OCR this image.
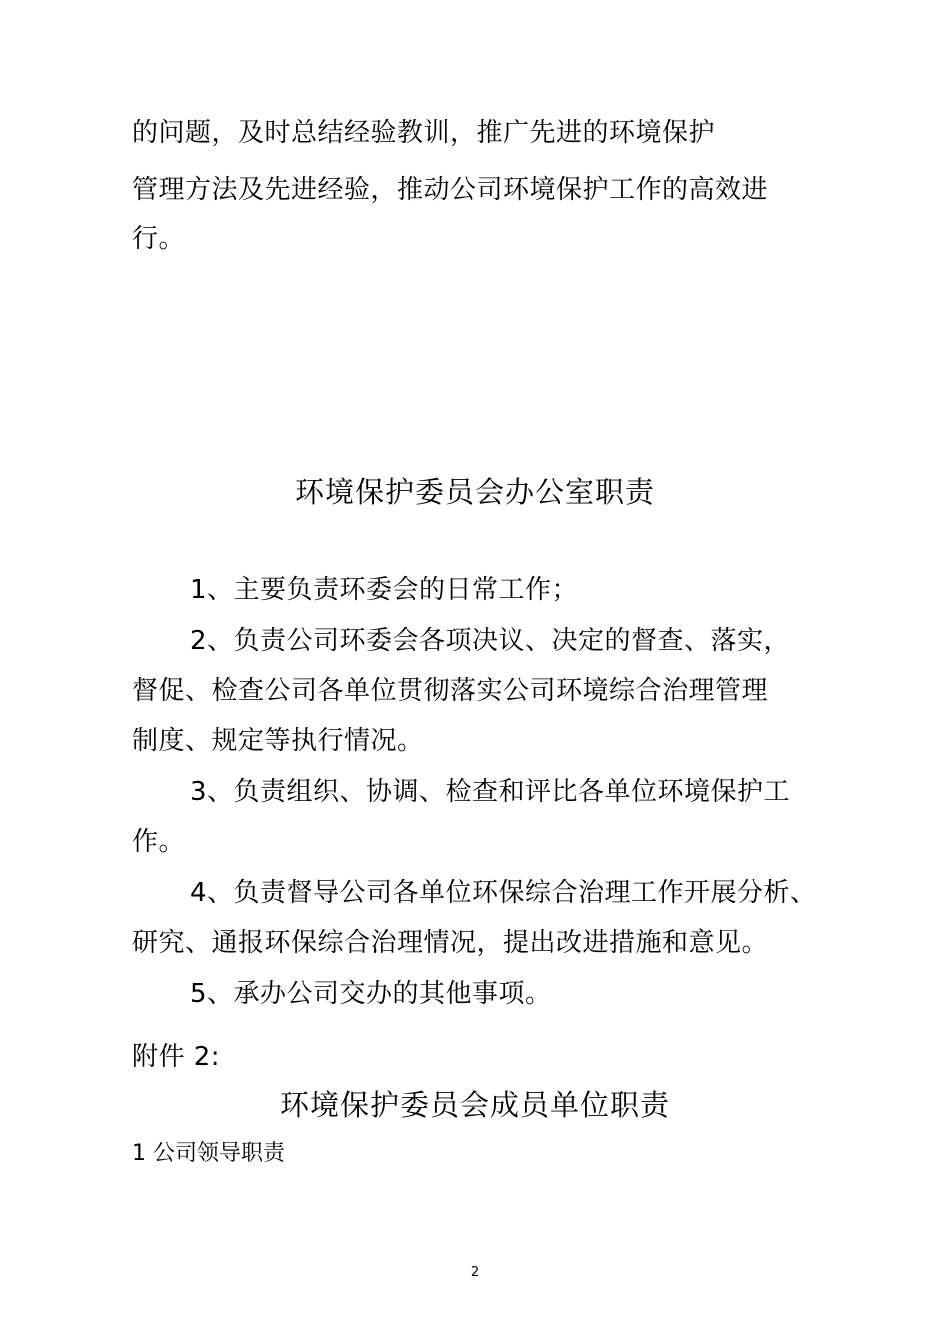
的问题，及时总结经验教训，推广先进的环境保护
管理方法及先进经验，推动公司环境保护工作的高效进
行。
环境保护委员会办公室职责
1、主要负责环委会的日常工作；
2、负责公司环委会各项决议、决定的督查、落实，
督促、检查公司各单位贯彻落实公司环境综合治理管理
制度、规定等执行情况。
3、负责组织、协调、检查和评比各单位环境保护工
作。
4、负责督导公司各单位环保综合治理工作开展分析、
研究、通报环保综合治理情况，提出改进措施和意见。
5、承办公司交办的其他事项。
附件 2:
环境保护委员会成员单位职责
1 公司领导职责
2
